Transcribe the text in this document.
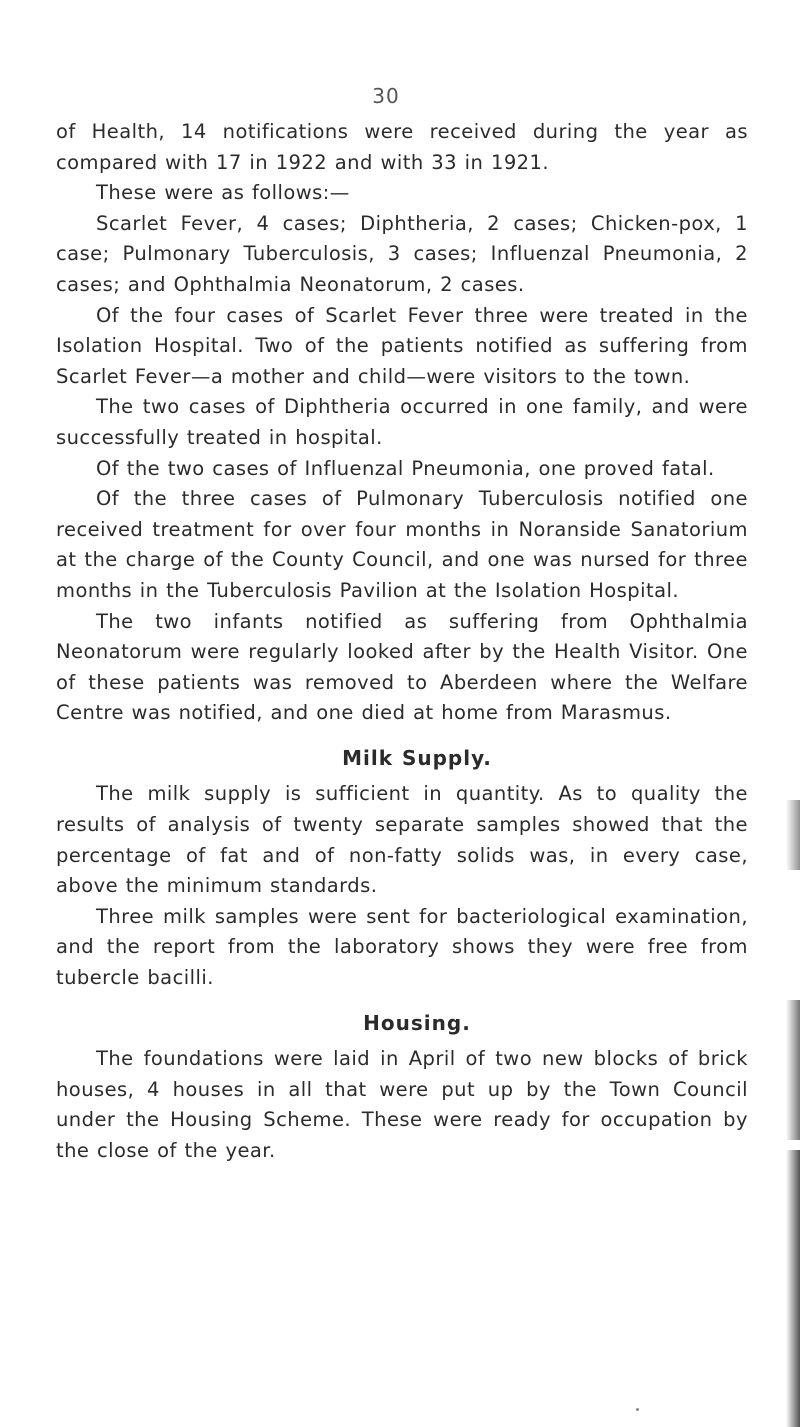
30

of Health, 14 notifications were received during the year as compared with 17 in 1922 and with 33 in 1921.

These were as follows:—

Scarlet Fever, 4 cases; Diphtheria, 2 cases; Chicken-pox, 1 case; Pulmonary Tuberculosis, 3 cases; Influenzal Pneumonia, 2 cases; and Ophthalmia Neonatorum, 2 cases.

Of the four cases of Scarlet Fever three were treated in the Isolation Hospital. Two of the patients notified as suffering from Scarlet Fever—a mother and child—were visitors to the town.

The two cases of Diphtheria occurred in one family, and were successfully treated in hospital.

Of the two cases of Influenzal Pneumonia, one proved fatal.

Of the three cases of Pulmonary Tuberculosis notified one received treatment for over four months in Noranside Sanatorium at the charge of the County Council, and one was nursed for three months in the Tuberculosis Pavilion at the Isolation Hospital.

The two infants notified as suffering from Ophthalmia Neonatorum were regularly looked after by the Health Visitor. One of these patients was removed to Aberdeen where the Welfare Centre was notified, and one died at home from Marasmus.

Milk Supply.

The milk supply is sufficient in quantity. As to quality the results of analysis of twenty separate samples showed that the percentage of fat and of non-fatty solids was, in every case, above the minimum standards.

Three milk samples were sent for bacteriological examination, and the report from the laboratory shows they were free from tubercle bacilli.

Housing.

The foundations were laid in April of two new blocks of brick houses, 4 houses in all that were put up by the Town Council under the Housing Scheme. These were ready for occupation by the close of the year.
